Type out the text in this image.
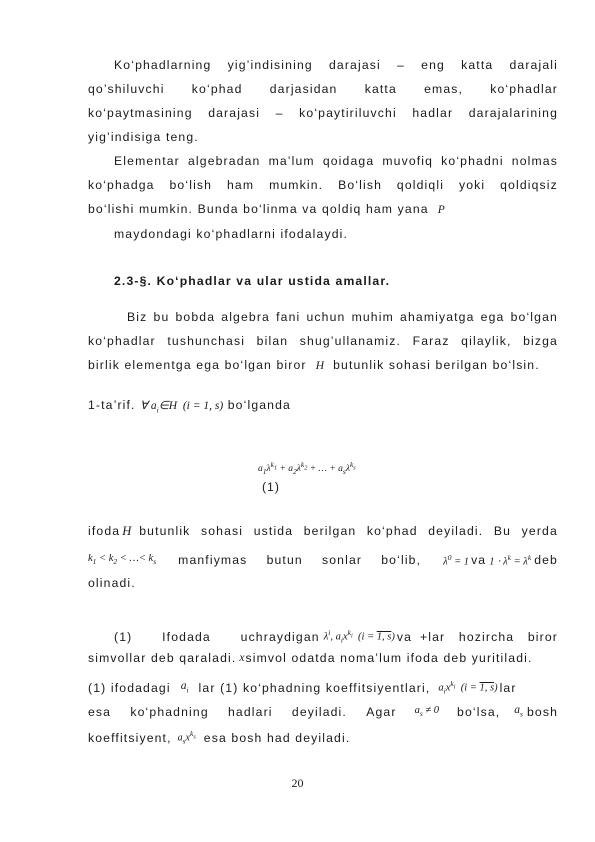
Ko‘phadlarning yig’indisining darajasi – eng katta darajali
qo’shiluvchi ko‘phad darjasidan katta emas, ko‘phadlar
ko‘paytmasining darajasi – ko‘paytiriluvchi hadlar darajalarining
yig’indisiga teng.
Elementar algebradan ma’lum qoidaga muvofiq ko‘phadni nolmas
ko‘phadga bo‘lish ham mumkin. Bo‘lish qoldiqli yoki qoldiqsiz
bo‘lishi mumkin. Bunda bo‘linma va qoldiq ham yana P
maydondagi ko‘phadlarni ifodalaydi.
2.3-§. Ko‘phadlar va ular ustida amallar.
Biz bu bobda algebra fani uchun muhim ahamiyatga ega bo‘lgan
ko‘phadlar tushunchasi bilan shug’ullanamiz. Faraz qilaylik, bizga
birlik elementga ega bo‘lgan biror H butunlik sohasi berilgan bo‘lsin.
1-ta’rif. ∀ $a_i\in H$  (i = 1, s) bo‘lganda
$a_1\lambda^{k_1} + a_2\lambda^{k_2}$ + … + $a_s\lambda^{k_s}$
(1)
ifoda H butunlik sohasi ustida berilgan ko‘phad deyiladi. Bu yerda
$k_1 < k_2$ < …< $k_s$ manfiymas butun sonlar bo‘lib, $\lambda^0 = 1$ va $1 \cdot \lambda^k = \lambda^k$ deb
olinadi.
(1) Ifodada uchraydigan $\lambda^i$, $a_ix^{k_i}$  (i = 1, s) va +lar hozircha biror
simvollar deb qaraladi. x simvol odatda noma’lum ifoda deb yuritiladi.
(1) ifodadagi $a_i$ lar (1) ko‘phadning koeffitsiyentlari, $a_ix^{k_i}$  (i = 1, s) lar
esa ko‘phadning hadlari deyiladi. Agar $a_s \ne 0$ bo‘lsa, $a_s$ bosh
koeffitsiyent, $a_sx^{k_s}$ esa bosh had deyiladi.
20
